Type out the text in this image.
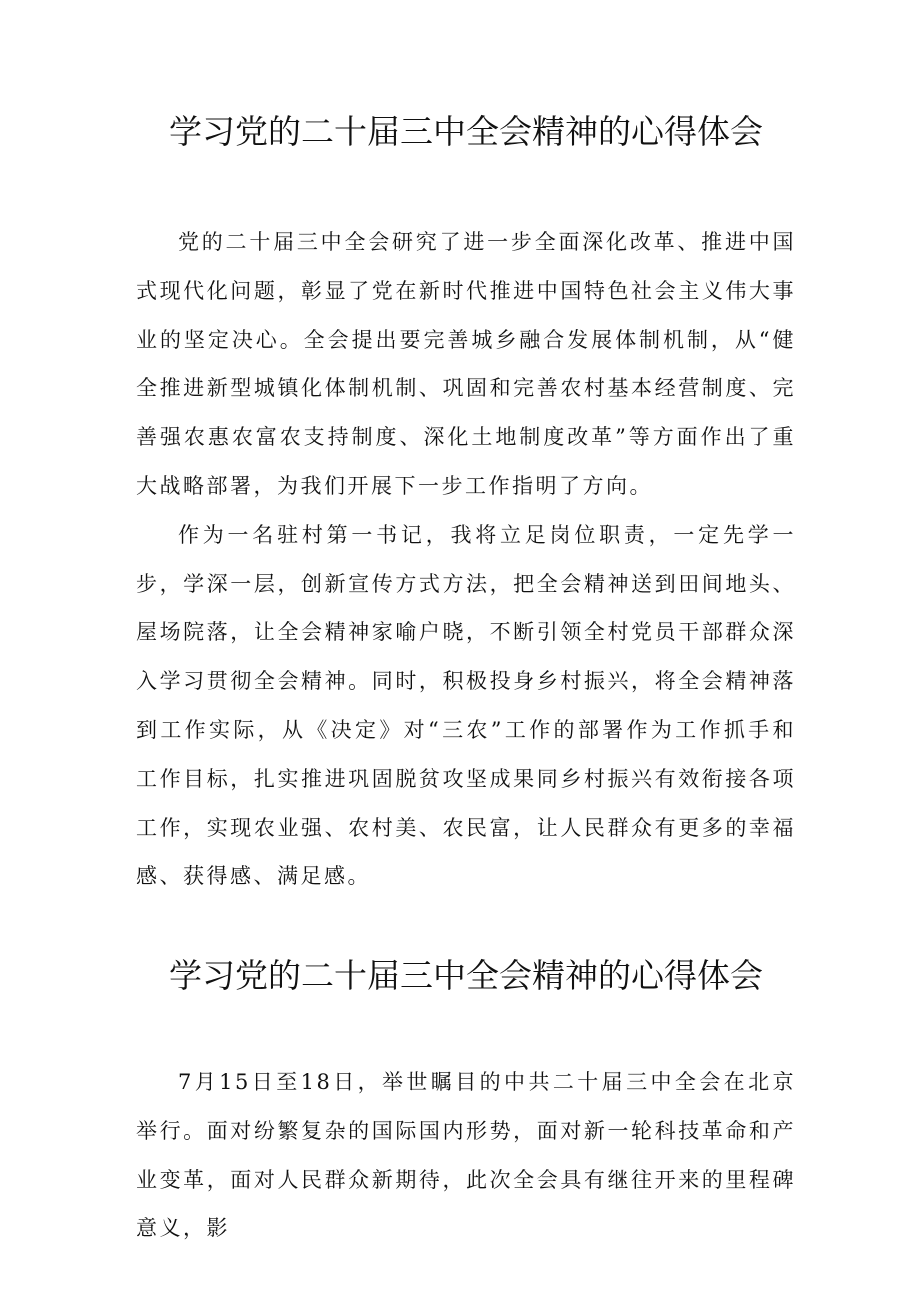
学习党的二十届三中全会精神的心得体会

党的二十届三中全会研究了进一步全面深化改革、推进中国式现代化问题，彰显了党在新时代推进中国特色社会主义伟大事业的坚定决心。全会提出要完善城乡融合发展体制机制，从“健全推进新型城镇化体制机制、巩固和完善农村基本经营制度、完善强农惠农富农支持制度、深化土地制度改革”等方面作出了重大战略部署，为我们开展下一步工作指明了方向。

作为一名驻村第一书记，我将立足岗位职责，一定先学一步，学深一层，创新宣传方式方法，把全会精神送到田间地头、屋场院落，让全会精神家喻户晓，不断引领全村党员干部群众深入学习贯彻全会精神。同时，积极投身乡村振兴，将全会精神落到工作实际，从《决定》对“三农”工作的部署作为工作抓手和工作目标，扎实推进巩固脱贫攻坚成果同乡村振兴有效衔接各项工作，实现农业强、农村美、农民富，让人民群众有更多的幸福感、获得感、满足感。

学习党的二十届三中全会精神的心得体会

7月15日至18日，举世瞩目的中共二十届三中全会在北京举行。面对纷繁复杂的国际国内形势，面对新一轮科技革命和产业变革，面对人民群众新期待，此次全会具有继往开来的里程碑意义，影
